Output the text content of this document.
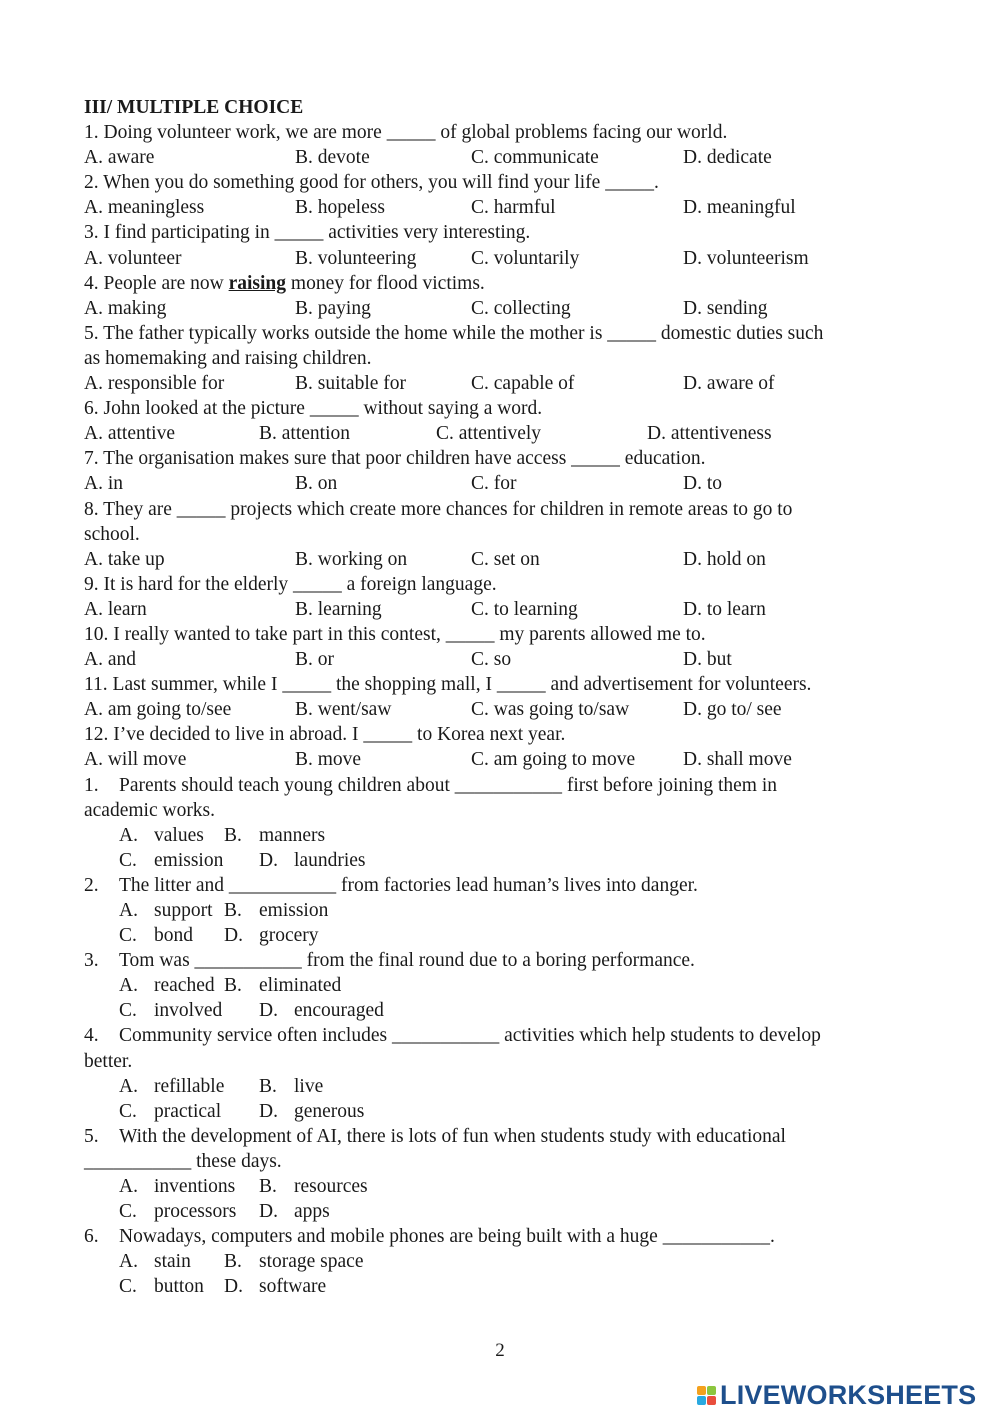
III/ MULTIPLE CHOICE
1. Doing volunteer work, we are more _____ of global problems facing our world.
A. aware	B. devote	C. communicate	D. dedicate
2. When you do something good for others, you will find your life _____.
A. meaningless	B. hopeless	C. harmful	D. meaningful
3. I find participating in _____ activities very interesting.
A. volunteer	B. volunteering	C. voluntarily	D. volunteerism
4. People are now raising money for flood victims.
A. making	B. paying	C. collecting	D. sending
5. The father typically works outside the home while the mother is _____ domestic duties such
as homemaking and raising children.
A. responsible for	B. suitable for	C. capable of	D. aware of
6. John looked at the picture _____ without saying a word.
A. attentive	B. attention	C. attentively	D. attentiveness
7. The organisation makes sure that poor children have access _____ education.
A. in	B. on	C. for	D. to
8. They are _____ projects which create more chances for children in remote areas to go to
school.
A. take up	B. working on	C. set on	D. hold on
9. It is hard for the elderly _____ a foreign language.
A. learn	B. learning	C. to learning	D. to learn
10. I really wanted to take part in this contest, _____ my parents allowed me to.
A. and	B. or	C. so	D. but
11. Last summer, while I _____ the shopping mall, I _____ and advertisement for volunteers.
A. am going to/see	B. went/saw	C. was going to/saw	D. go to/ see
12. I’ve decided to live in abroad. I _____ to Korea next year.
A. will move	B. move	C. am going to move D. shall move
1. Parents should teach young children about ___________ first before joining them in
academic works.
A. values B. manners
C. emission D. laundries
2. The litter and ___________ from factories lead human’s lives into danger.
A. support B. emission
C. bond D. grocery
3. Tom was ___________ from the final round due to a boring performance.
A. reached B. eliminated
C. involved D. encouraged
4. Community service often includes ___________ activities which help students to develop
better.
A. refillable B. live
C. practical D. generous
5. With the development of AI, there is lots of fun when students study with educational
___________ these days.
A. inventions B. resources
C. processors D. apps
6. Nowadays, computers and mobile phones are being built with a huge ___________.
A. stain B. storage space
C. button D. software
2
LIVEWORKSHEETS
